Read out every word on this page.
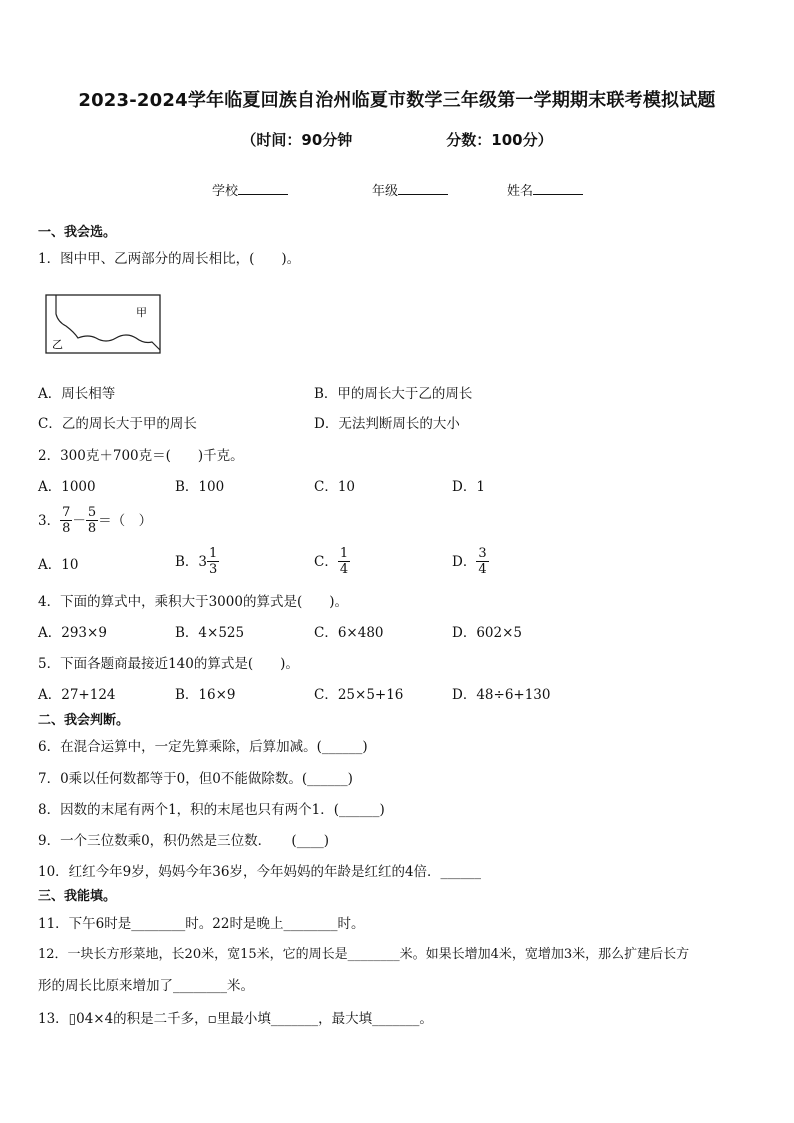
2023-2024学年临夏回族自治州临夏市数学三年级第一学期期末联考模拟试题
（时间：90分钟                  分数：100分）
学校	年级	姓名
一、我会选。
1．图中甲、乙两部分的周长相比，(　　)。
甲
乙
A．周长相等	B．甲的周长大于乙的周长
C．乙的周长大于甲的周长	D．无法判断周长的大小
2．300克＋700克＝(　　)千克。
A．1000	B．100	C．10	D．1
3． $\frac{7}{8} - \frac{5}{8}$ ＝（　）
A．10	B． $3 \frac{1}{3}$	C． $\frac{1}{4}$	D． $\frac{3}{4}$
4．下面的算式中，乘积大于3000的算式是(　　)。
A．293×9	B．4×525	C．6×480	D．602×5
5．下面各题商最接近140的算式是(　　)。
A．27+124	B．16×9	C．25×5+16	D．48÷6+130
二、我会判断。
6．在混合运算中，一定先算乘除，后算加减。(______)
7．0乘以任何数都等于0，但0不能做除数。(______)
8．因数的末尾有两个1，积的末尾也只有两个1．(______)
9．一个三位数乘0，积仍然是三位数．　　(____)
10．红红今年9岁，妈妈今年36岁，今年妈妈的年龄是红红的4倍．______
三、我能填。
11．下午6时是________时。22时是晚上________时。
12．一块长方形菜地，长20米，宽15米，它的周长是________米。如果长增加4米，宽增加3米，那么扩建后长方
形的周长比原来增加了________米。
13．▯04×4的积是二千多，▫里最小填_______，最大填_______。
